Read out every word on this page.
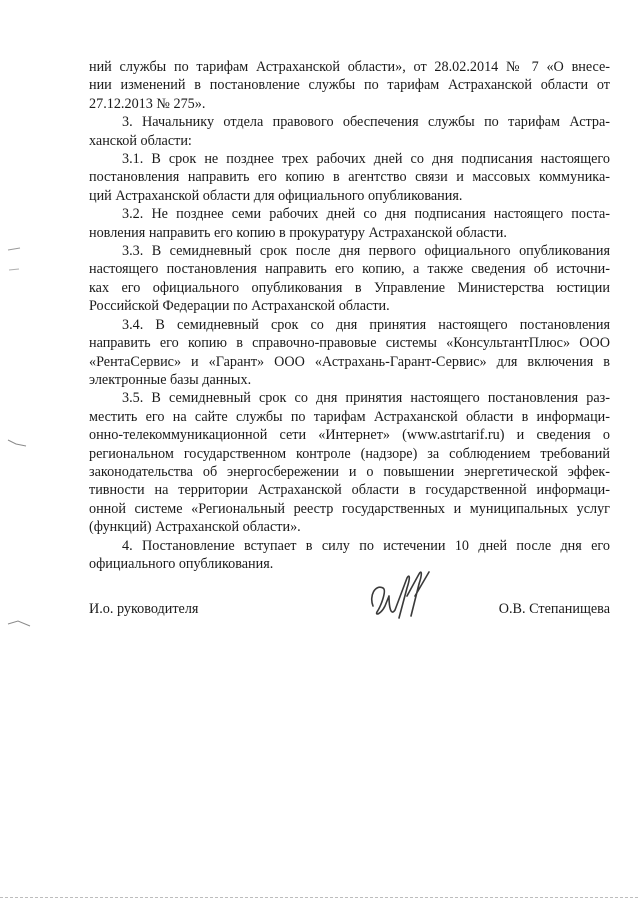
ний службы по тарифам Астраханской области», от 28.02.2014 № 7 «О внесе-
нии изменений в постановление службы по тарифам Астраханской области от
27.12.2013 № 275».
3. Начальнику отдела правового обеспечения службы по тарифам Астра-
ханской области:
3.1. В срок не позднее трех рабочих дней со дня подписания настоящего
постановления направить его копию в агентство связи и массовых коммуника-
ций Астраханской области для официального опубликования.
3.2. Не позднее семи рабочих дней со дня подписания настоящего поста-
новления направить его копию в прокуратуру Астраханской области.
3.3. В семидневный срок после дня первого официального опубликования
настоящего постановления направить его копию, а также сведения об источни-
ках его официального опубликования в Управление Министерства юстиции
Российской Федерации по Астраханской области.
3.4. В семидневный срок со дня принятия настоящего постановления
направить его копию в справочно-правовые системы «КонсультантПлюс» ООО
«РентаСервис» и «Гарант» ООО «Астрахань-Гарант-Сервис» для включения в
электронные базы данных.
3.5. В семидневный срок со дня принятия настоящего постановления раз-
местить его на сайте службы по тарифам Астраханской области в информаци-
онно-телекоммуникационной сети «Интернет» (www.astrtarif.ru) и сведения о
региональном государственном контроле (надзоре) за соблюдением требований
законодательства об энергосбережении и о повышении энергетической эффек-
тивности на территории Астраханской области в государственной информаци-
онной системе «Региональный реестр государственных и муниципальных услуг
(функций) Астраханской области».
4. Постановление вступает в силу по истечении 10 дней после дня его
официального опубликования.
И.о. руководителя	О.В. Степанищева
